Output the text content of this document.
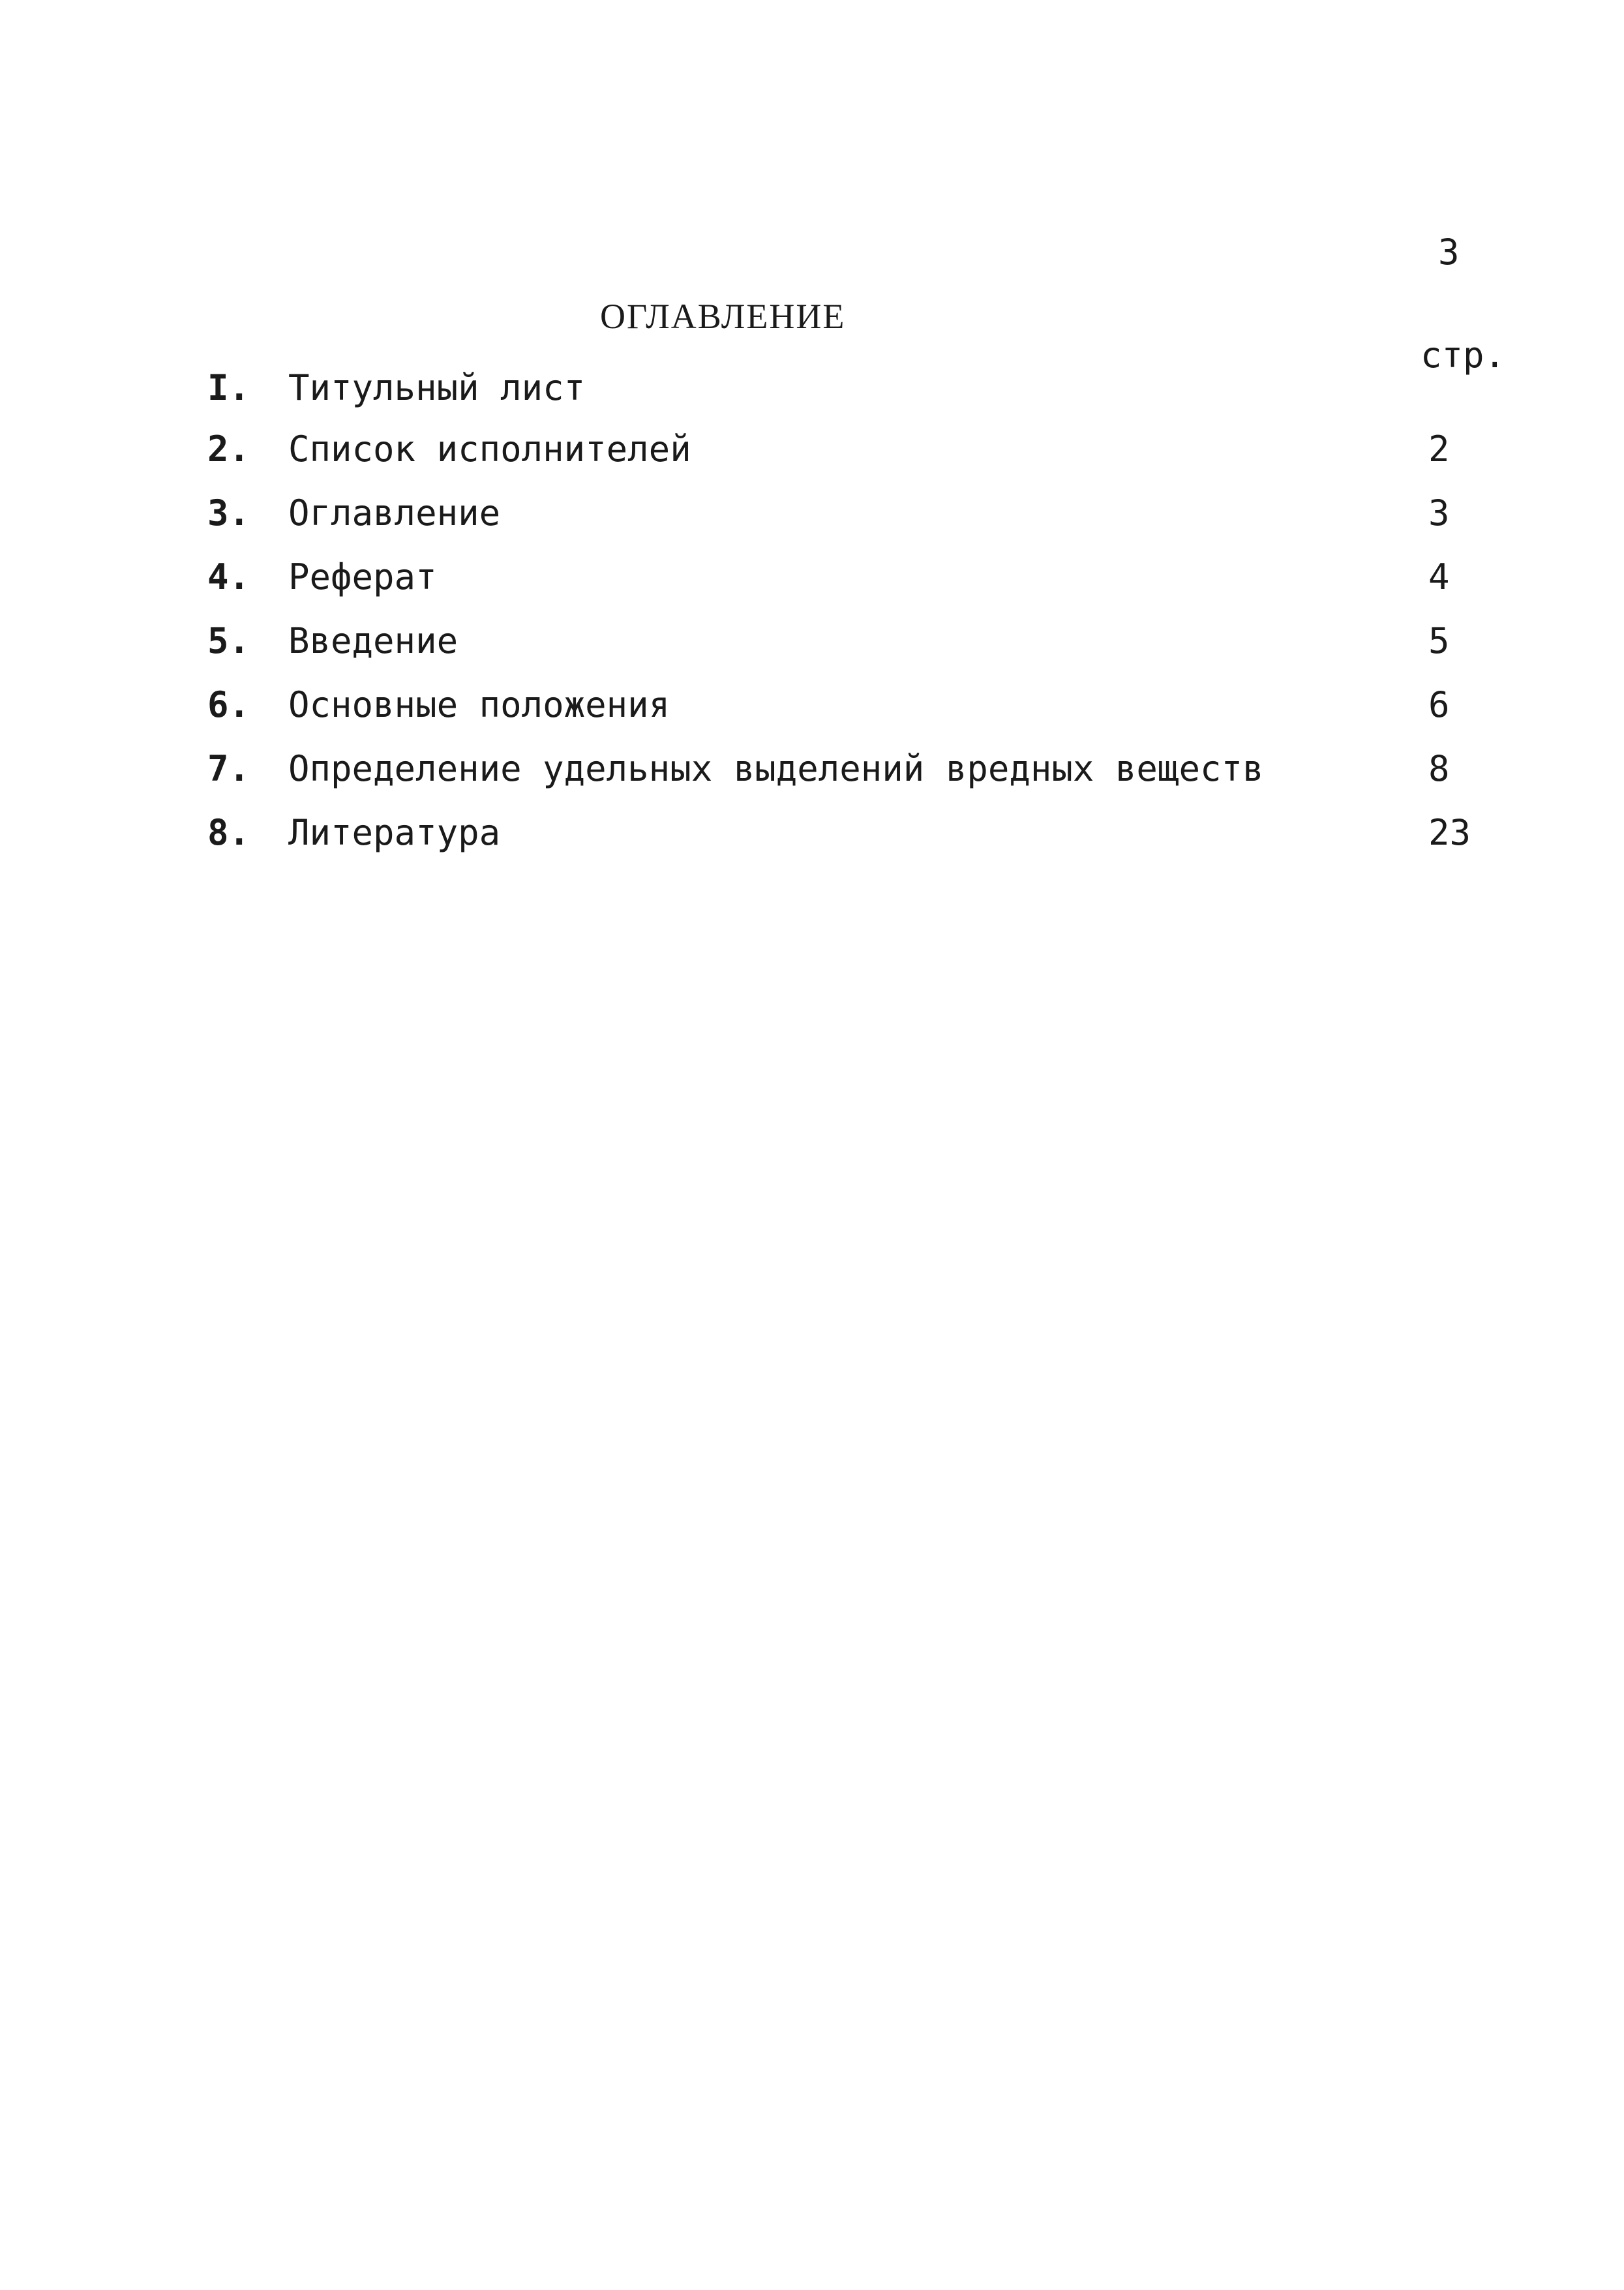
3
ОГЛАВЛЕНИЕ
стр.
I. Титульный лист
2. Список исполнителей	2
3. Оглавление	3
4. Реферат	4
5. Введение	5
6. Основные положения	6
7. Определение удельных выделений вредных веществ	8
8. Литература	23
